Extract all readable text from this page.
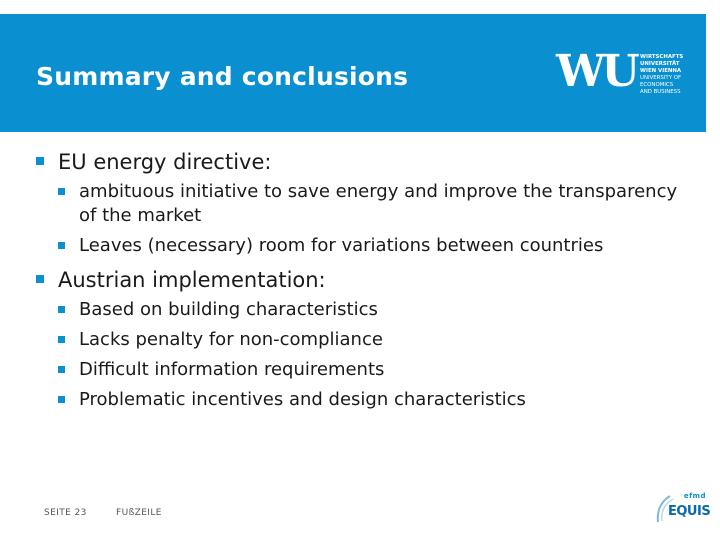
Summary and conclusions	WU WIRTSCHAFTS
UNIVERSITÄT
WIEN VIENNA
UNIVERSITY OF
ECONOMICS
AND BUSINESS
EU energy directive:
ambituous initiative to save energy and improve the transparency of the market
Leaves (necessary) room for variations between countries
Austrian implementation:
Based on building characteristics
Lacks penalty for non-compliance
Difficult information requirements
Problematic incentives and design characteristics
SEITE 23	FUßZEILE
efmd
EQUIS
